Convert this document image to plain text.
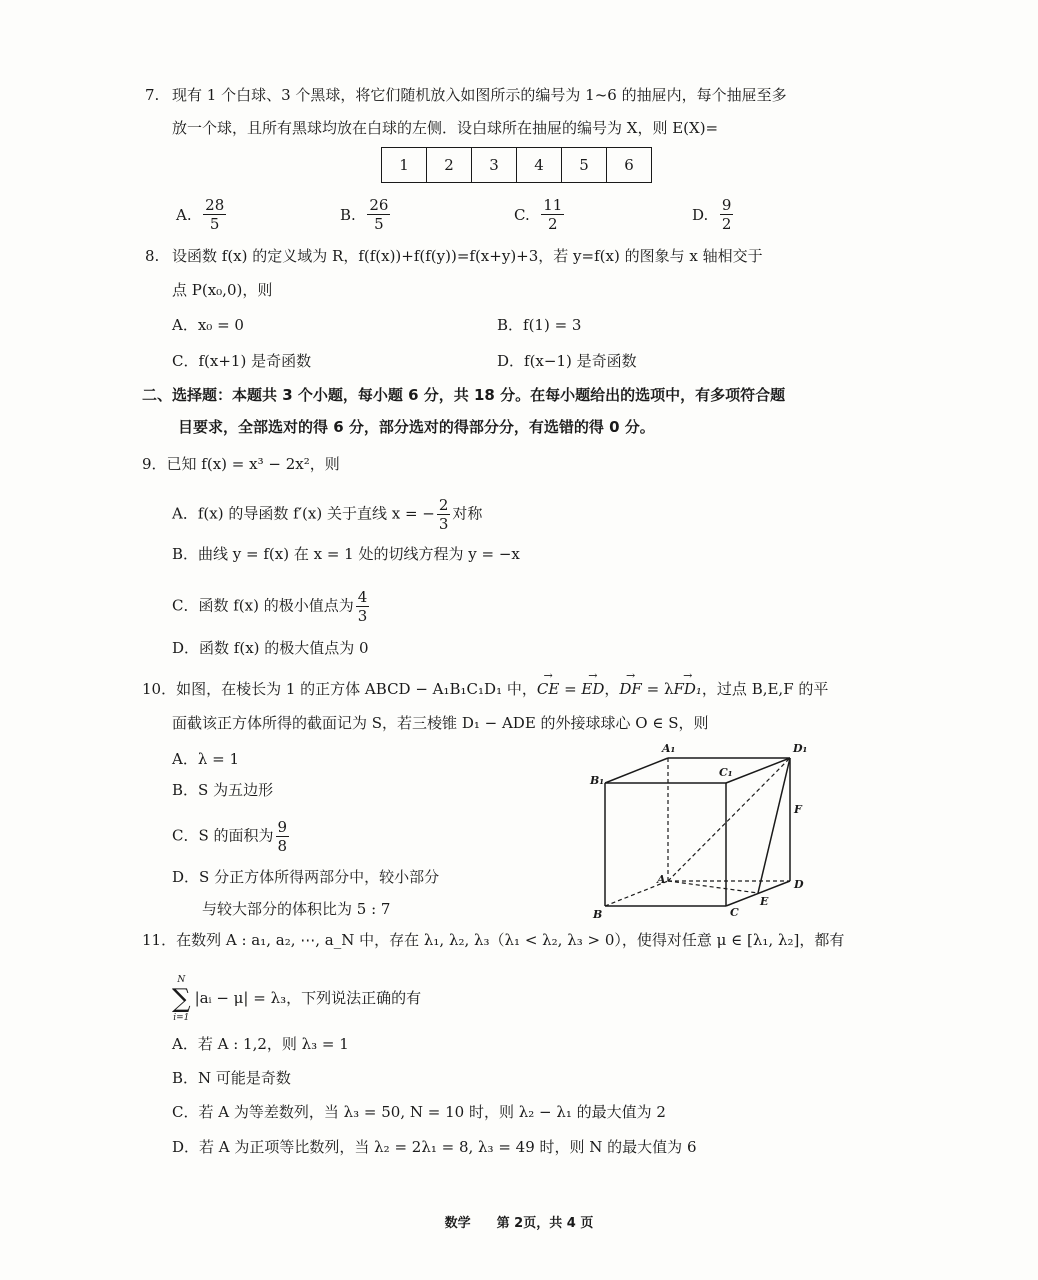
7. 现有 1 个白球、3 个黑球，将它们随机放入如图所示的编号为 1~6 的抽屉内，每个抽屉至多
放一个球，且所有黑球均放在白球的左侧．设白球所在抽屉的编号为 X，则 E(X)=
1	2	3	4	5	6
A.
$\frac{28}{5}$	B.
$\frac{26}{5}$	C.
$\frac{11}{2}$	D.
$\frac{9}{2}$
8. 设函数 f(x) 的定义域为 R，f(f(x))+f(f(y))=f(x+y)+3，若 y=f(x) 的图象与 x 轴相交于
点 P(x₀,0)，则
A．x₀ = 0	B．f(1) = 3
C．f(x+1) 是奇函数	D．f(x−1) 是奇函数
二、选择题：本题共 3 个小题，每小题 6 分，共 18 分。在每小题给出的选项中，有多项符合题
目要求，全部选对的得 6 分，部分选对的得部分分，有选错的得 0 分。
9．已知 f(x) = x³ − 2x²，则
A．f(x) 的导函数 f′(x) 关于直线 x = − $\frac{2}{3}$ 对称
B．曲线 y = f(x) 在 x = 1 处的切线方程为 y = −x
C．函数 f(x) 的极小值点为 $\frac{4}{3}$
D．函数 f(x) 的极大值点为 0
10．如图，在棱长为 1 的正方体 ABCD − A₁B₁C₁D₁ 中，→ CE = → ED，→ DF = λ→ FD₁，过点 B,E,F 的平
面截该正方体所得的截面记为 S，若三棱锥 D₁ − ADE 的外接球球心 O ∈ S，则
A．λ = 1
B．S 为五边形
C．S 的面积为 $\frac{9}{8}$
D．S 分正方体所得两部分中，较小部分
与较大部分的体积比为 5 : 7
A₁	D₁
B₁
C₁
F
A	D
B	C
E
11．在数列 A : a₁, a₂, ⋯, a_N 中，存在 λ₁, λ₂, λ₃（λ₁ < λ₂, λ₃ > 0），使得对任意 μ ∈ [λ₁, λ₂]，都有
N
∑
i=1
|aᵢ − μ| = λ₃，下列说法正确的有
A．若 A : 1,2，则 λ₃ = 1
B．N 可能是奇数
C．若 A 为等差数列，当 λ₃ = 50, N = 10 时，则 λ₂ − λ₁ 的最大值为 2
D．若 A 为正项等比数列，当 λ₂ = 2λ₁ = 8, λ₃ = 49 时，则 N 的最大值为 6
数学　　第 2页，共 4 页
